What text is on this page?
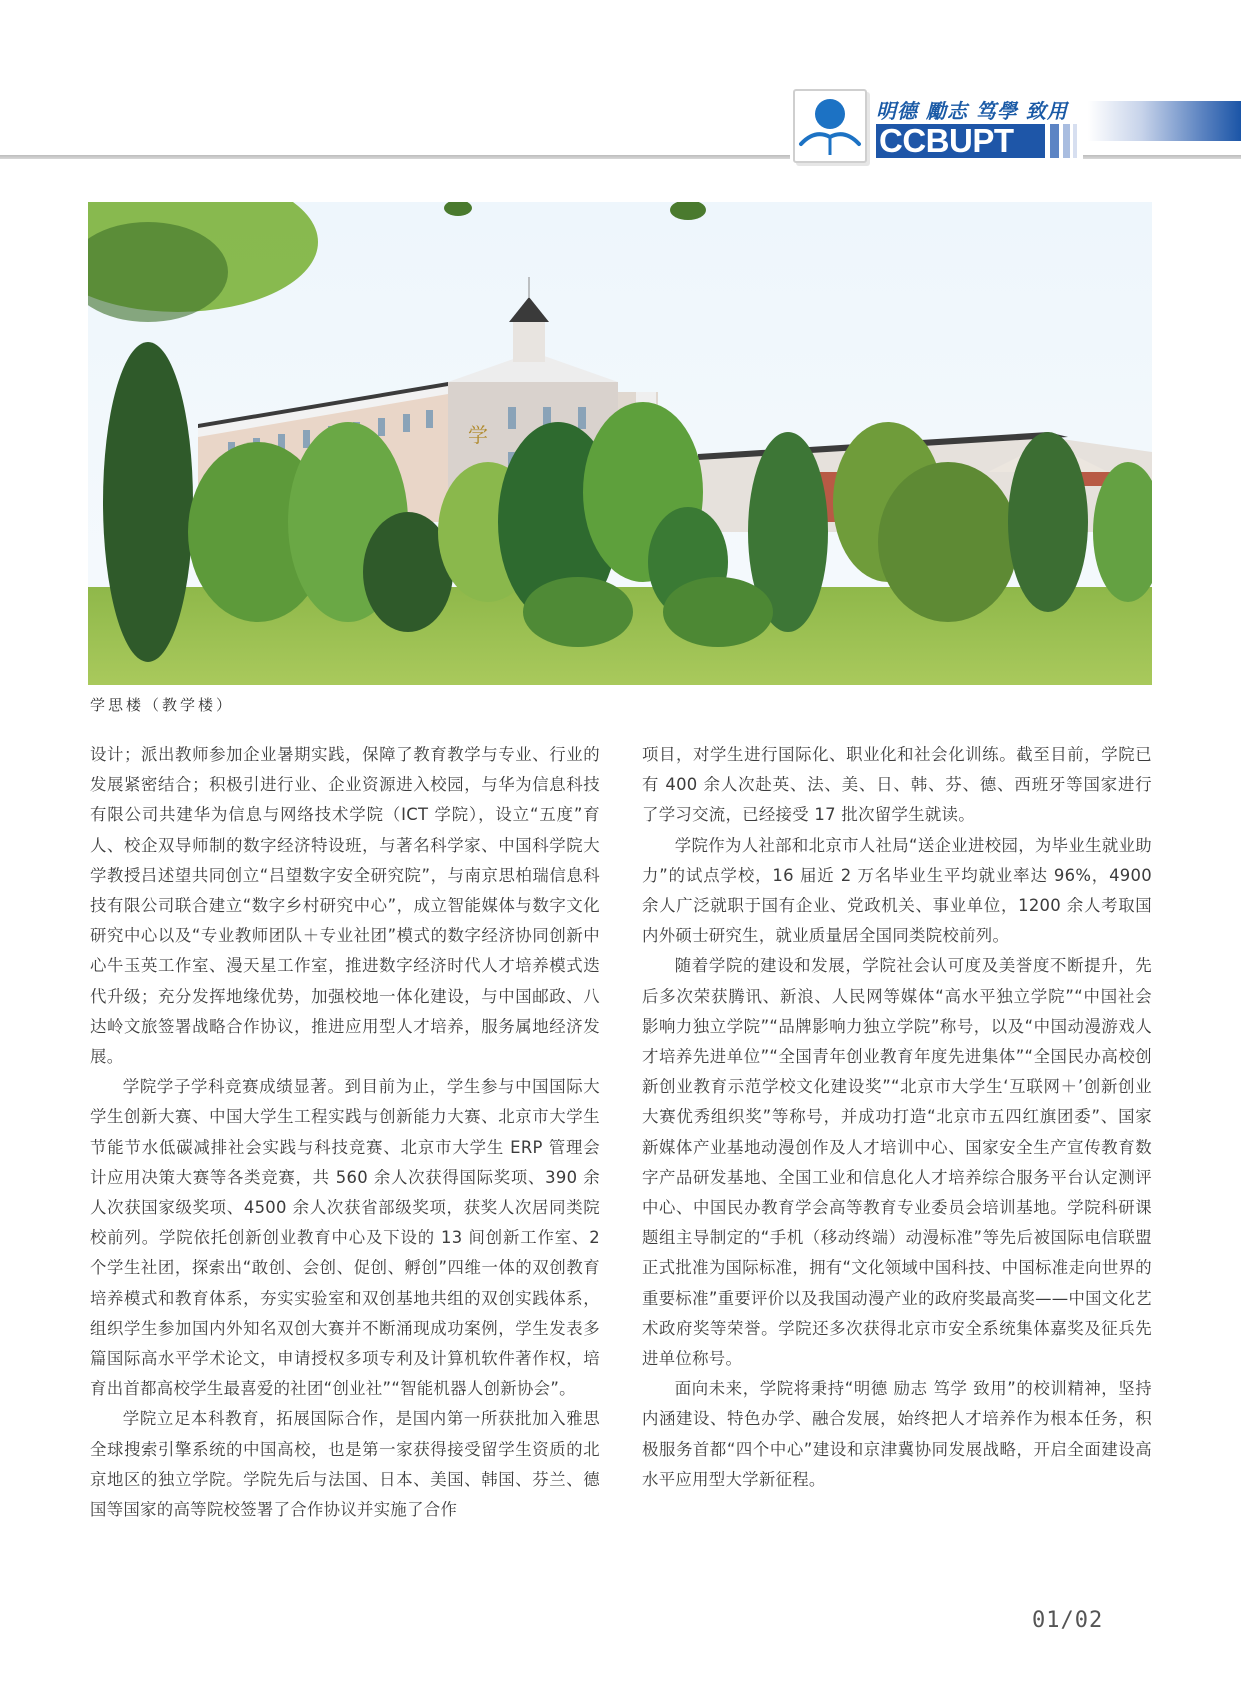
明德 勵志 笃學 致用
CCBUPT
学
学思楼（教学楼）

设计；派出教师参加企业暑期实践，保障了教育教学与专业、行业的发展紧密结合；积极引进行业、企业资源进入校园，与华为信息科技有限公司共建华为信息与网络技术学院（ICT 学院），设立“五度”育人、校企双导师制的数字经济特设班，与著名科学家、中国科学院大学教授吕述望共同创立“吕望数字安全研究院”，与南京思柏瑞信息科技有限公司联合建立“数字乡村研究中心”，成立智能媒体与数字文化研究中心以及“专业教师团队＋专业社团”模式的数字经济协同创新中心牛玉英工作室、漫天星工作室，推进数字经济时代人才培养模式迭代升级；充分发挥地缘优势，加强校地一体化建设，与中国邮政、八达岭文旅签署战略合作协议，推进应用型人才培养，服务属地经济发展。

学院学子学科竞赛成绩显著。到目前为止，学生参与中国国际大学生创新大赛、中国大学生工程实践与创新能力大赛、北京市大学生节能节水低碳减排社会实践与科技竞赛、北京市大学生 ERP 管理会计应用决策大赛等各类竞赛，共 560 余人次获得国际奖项、390 余人次获国家级奖项、4500 余人次获省部级奖项，获奖人次居同类院校前列。学院依托创新创业教育中心及下设的 13 间创新工作室、2 个学生社团，探索出“敢创、会创、促创、孵创”四维一体的双创教育培养模式和教育体系，夯实实验室和双创基地共组的双创实践体系，组织学生参加国内外知名双创大赛并不断涌现成功案例，学生发表多篇国际高水平学术论文，申请授权多项专利及计算机软件著作权，培育出首都高校学生最喜爱的社团“创业社”“智能机器人创新协会”。

学院立足本科教育，拓展国际合作，是国内第一所获批加入雅思全球搜索引擎系统的中国高校，也是第一家获得接受留学生资质的北京地区的独立学院。学院先后与法国、日本、美国、韩国、芬兰、德国等国家的高等院校签署了合作协议并实施了合作

项目，对学生进行国际化、职业化和社会化训练。截至目前，学院已有 400 余人次赴英、法、美、日、韩、芬、德、西班牙等国家进行了学习交流，已经接受 17 批次留学生就读。

学院作为人社部和北京市人社局“送企业进校园，为毕业生就业助力”的试点学校，16 届近 2 万名毕业生平均就业率达 96%，4900 余人广泛就职于国有企业、党政机关、事业单位，1200 余人考取国内外硕士研究生，就业质量居全国同类院校前列。

随着学院的建设和发展，学院社会认可度及美誉度不断提升，先后多次荣获腾讯、新浪、人民网等媒体“高水平独立学院”“中国社会影响力独立学院”“品牌影响力独立学院”称号，以及“中国动漫游戏人才培养先进单位”“全国青年创业教育年度先进集体”“全国民办高校创新创业教育示范学校文化建设奖”“北京市大学生‘互联网＋’创新创业大赛优秀组织奖”等称号，并成功打造“北京市五四红旗团委”、国家新媒体产业基地动漫创作及人才培训中心、国家安全生产宣传教育数字产品研发基地、全国工业和信息化人才培养综合服务平台认定测评中心、中国民办教育学会高等教育专业委员会培训基地。学院科研课题组主导制定的“手机（移动终端）动漫标准”等先后被国际电信联盟正式批准为国际标准，拥有“文化领域中国科技、中国标准走向世界的重要标准”重要评价以及我国动漫产业的政府奖最高奖——中国文化艺术政府奖等荣誉。学院还多次获得北京市安全系统集体嘉奖及征兵先进单位称号。

面向未来，学院将秉持“明德 励志 笃学 致用”的校训精神，坚持内涵建设、特色办学、融合发展，始终把人才培养作为根本任务，积极服务首都“四个中心”建设和京津冀协同发展战略，开启全面建设高水平应用型大学新征程。

01/02
